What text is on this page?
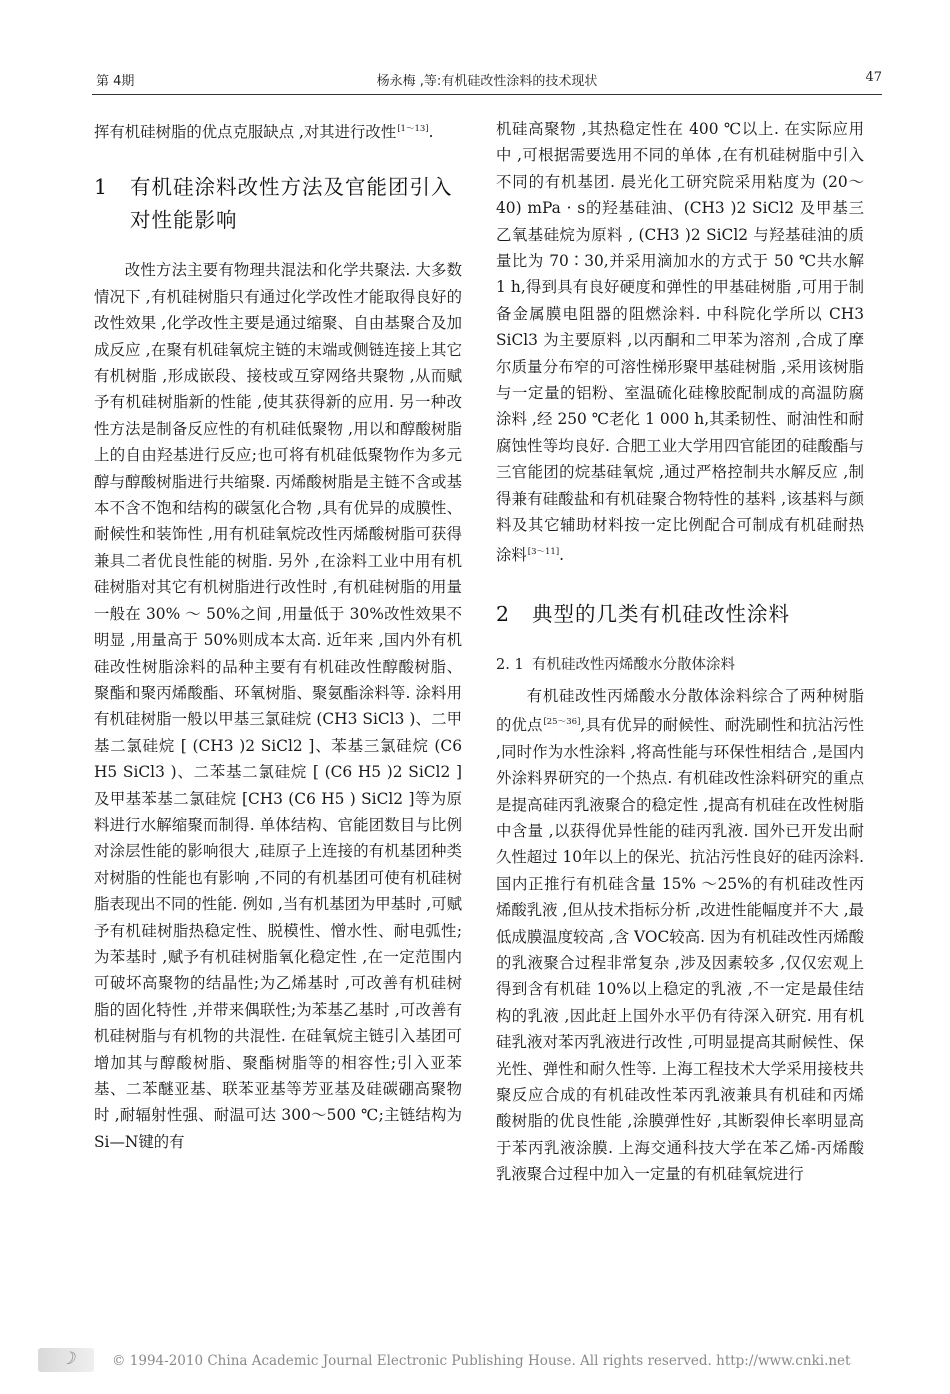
第 4期	杨永梅 ,等:有机硅改性涂料的技术现状	47

挥有机硅树脂的优点克服缺点 ,对其进行改性[1～13].

1	有机硅涂料改性方法及官能团引入对性能影响

改性方法主要有物理共混法和化学共聚法. 大多数情况下 ,有机硅树脂只有通过化学改性才能取得良好的改性效果 ,化学改性主要是通过缩聚、自由基聚合及加成反应 ,在聚有机硅氧烷主链的末端或侧链连接上其它有机树脂 ,形成嵌段、接枝或互穿网络共聚物 ,从而赋予有机硅树脂新的性能 ,使其获得新的应用. 另一种改性方法是制备反应性的有机硅低聚物 ,用以和醇酸树脂上的自由羟基进行反应;也可将有机硅低聚物作为多元醇与醇酸树脂进行共缩聚. 丙烯酸树脂是主链不含或基本不含不饱和结构的碳氢化合物 ,具有优异的成膜性、耐候性和装饰性 ,用有机硅氧烷改性丙烯酸树脂可获得兼具二者优良性能的树脂. 另外 ,在涂料工业中用有机硅树脂对其它有机树脂进行改性时 ,有机硅树脂的用量一般在 30% ～ 50%之间 ,用量低于 30%改性效果不明显 ,用量高于 50%则成本太高. 近年来 ,国内外有机硅改性树脂涂料的品种主要有有机硅改性醇酸树脂、聚酯和聚丙烯酸酯、环氧树脂、聚氨酯涂料等. 涂料用有机硅树脂一般以甲基三氯硅烷 (CH3 SiCl3 )、二甲基二氯硅烷 [ (CH3 )2 SiCl2 ]、苯基三氯硅烷 (C6 H5 SiCl3 )、二苯基二氯硅烷 [ (C6 H5 )2 SiCl2 ]及甲基苯基二氯硅烷 [CH3 (C6 H5 ) SiCl2 ]等为原料进行水解缩聚而制得. 单体结构、官能团数目与比例对涂层性能的影响很大 ,硅原子上连接的有机基团种类对树脂的性能也有影响 ,不同的有机基团可使有机硅树脂表现出不同的性能. 例如 ,当有机基团为甲基时 ,可赋予有机硅树脂热稳定性、脱模性、憎水性、耐电弧性;为苯基时 ,赋予有机硅树脂氧化稳定性 ,在一定范围内可破坏高聚物的结晶性;为乙烯基时 ,可改善有机硅树脂的固化特性 ,并带来偶联性;为苯基乙基时 ,可改善有机硅树脂与有机物的共混性. 在硅氧烷主链引入基团可增加其与醇酸树脂、聚酯树脂等的相容性;引入亚苯基、二苯醚亚基、联苯亚基等芳亚基及硅碳硼高聚物时 ,耐辐射性强、耐温可达 300～500 ℃;主链结构为 Si—N键的有

机硅高聚物 ,其热稳定性在 400 ℃以上. 在实际应用中 ,可根据需要选用不同的单体 ,在有机硅树脂中引入不同的有机基团. 晨光化工研究院采用粘度为 (20～40) mPa · s的羟基硅油、(CH3 )2 SiCl2 及甲基三乙氧基硅烷为原料 , (CH3 )2 SiCl2 与羟基硅油的质量比为 70∶30,并采用滴加水的方式于 50 ℃共水解 1 h,得到具有良好硬度和弹性的甲基硅树脂 ,可用于制备金属膜电阻器的阻燃涂料. 中科院化学所以 CH3 SiCl3 为主要原料 ,以丙酮和二甲苯为溶剂 ,合成了摩尔质量分布窄的可溶性梯形聚甲基硅树脂 ,采用该树脂与一定量的铝粉、室温硫化硅橡胶配制成的高温防腐涂料 ,经 250 ℃老化 1 000 h,其柔韧性、耐油性和耐腐蚀性等均良好. 合肥工业大学用四官能团的硅酸酯与三官能团的烷基硅氧烷 ,通过严格控制共水解反应 ,制得兼有硅酸盐和有机硅聚合物特性的基料 ,该基料与颜料及其它辅助材料按一定比例配合可制成有机硅耐热涂料[3～11].

2	典型的几类有机硅改性涂料
2. 1 有机硅改性丙烯酸水分散体涂料

有机硅改性丙烯酸水分散体涂料综合了两种树脂的优点[25～36],具有优异的耐候性、耐洗刷性和抗沾污性 ,同时作为水性涂料 ,将高性能与环保性相结合 ,是国内外涂料界研究的一个热点. 有机硅改性涂料研究的重点是提高硅丙乳液聚合的稳定性 ,提高有机硅在改性树脂中含量 ,以获得优异性能的硅丙乳液. 国外已开发出耐久性超过 10年以上的保光、抗沾污性良好的硅丙涂料. 国内正推行有机硅含量 15% ～25%的有机硅改性丙烯酸乳液 ,但从技术指标分析 ,改进性能幅度并不大 ,最低成膜温度较高 ,含 VOC较高. 因为有机硅改性丙烯酸的乳液聚合过程非常复杂 ,涉及因素较多 ,仅仅宏观上得到含有机硅 10%以上稳定的乳液 ,不一定是最佳结构的乳液 ,因此赶上国外水平仍有待深入研究. 用有机硅乳液对苯丙乳液进行改性 ,可明显提高其耐候性、保光性、弹性和耐久性等. 上海工程技术大学采用接枝共聚反应合成的有机硅改性苯丙乳液兼具有机硅和丙烯酸树脂的优良性能 ,涂膜弹性好 ,其断裂伸长率明显高于苯丙乳液涂膜. 上海交通科技大学在苯乙烯-丙烯酸乳液聚合过程中加入一定量的有机硅氧烷进行

☽	© 1994-2010 China Academic Journal Electronic Publishing House. All rights reserved. http://www.cnki.net
